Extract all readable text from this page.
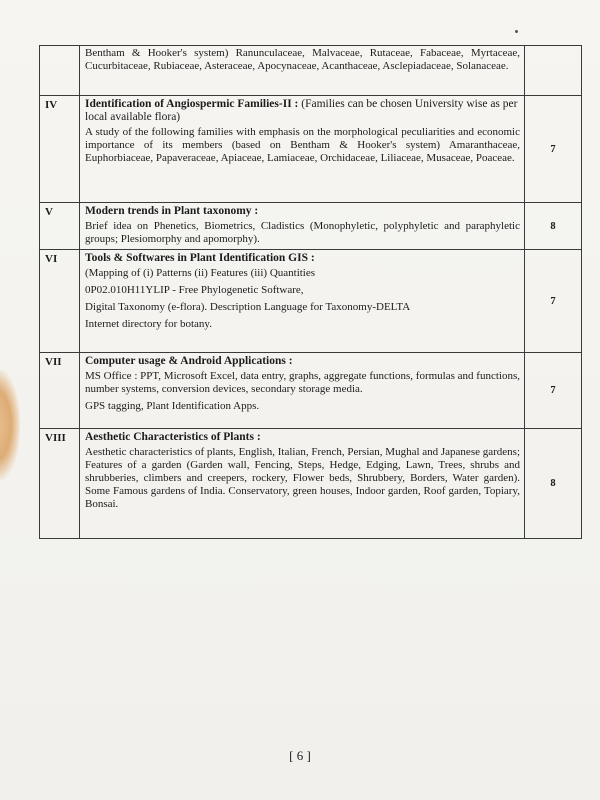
	Bentham & Hooker's system) Ranunculaceae, Malvaceae, Rutaceae, Fabaceae, Myrtaceae, Cucurbitaceae, Rubiaceae, Asteraceae, Apocynaceae, Acanthaceae, Asclepiadaceae, Solanaceae.	

IV	Identification of Angiospermic Families-II : (Families can be chosen University wise as per local available flora)

A study of the following families with emphasis on the morphological peculiarities and economic importance of its members (based on Bentham & Hooker's system) Amaranthaceae, Euphorbiaceae, Papaveraceae, Apiaceae, Lamiaceae, Orchidaceae, Liliaceae, Musaceae, Poaceae.	7
V	Modern trends in Plant taxonomy :

Brief idea on Phenetics, Biometrics, Cladistics (Monophyletic, polyphyletic and paraphyletic groups; Plesiomorphy and apomorphy).	8
VI	Tools & Softwares in Plant Identification GIS :

(Mapping of (i) Patterns (ii) Features (iii) Quantities

0P02.010H11YLIP - Free Phylogenetic Software,

Digital Taxonomy (e-flora). Description Language for Taxonomy-DELTA

Internet directory for botany.	7
VII	Computer usage & Android Applications :

MS Office : PPT, Microsoft Excel, data entry, graphs, aggregate functions, formulas and functions, number systems, conversion devices, secondary storage media.

GPS tagging, Plant Identification Apps.	7
VIII	Aesthetic Characteristics of Plants :

Aesthetic characteristics of plants, English, Italian, French, Persian, Mughal and Japanese gardens; Features of a garden (Garden wall, Fencing, Steps, Hedge, Edging, Lawn, Trees, shrubs and shrubberies, climbers and creepers, rockery, Flower beds, Shrubbery, Borders, Water garden). Some Famous gardens of India. Conservatory, green houses, Indoor garden, Roof garden, Topiary, Bonsai.	8
[ 6 ]
